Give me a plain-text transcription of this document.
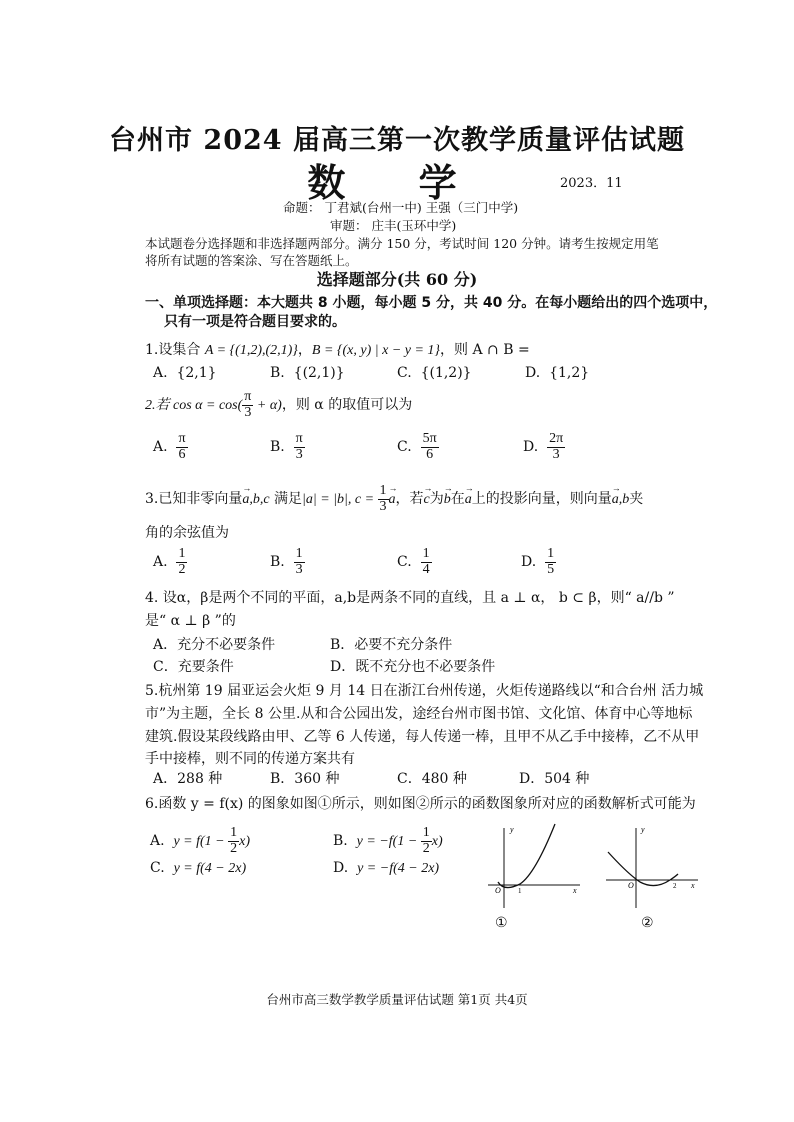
台州市 2024 届高三第一次教学质量评估试题
数 学	2023．11
命题： 丁君斌(台州一中) 王强（三门中学)
审题： 庄丰(玉环中学)
本试题卷分选择题和非选择题两部分。满分 150 分，考试时间 120 分钟。请考生按规定用笔
将所有试题的答案涂、写在答题纸上。
选择题部分(共 60 分)
一、单项选择题：本大题共 8 小题，每小题 5 分，共 40 分。在每小题给出的四个选项中，
只有一项是符合题目要求的。
1.设集合 A = {(1,2),(2,1)}，B = {(x, y) | x − y = 1}，则 A ∩ B =
A. {2,1}	B. {(2,1)}	C. {(1,2)}	D. {1,2}
2.若 $\cos \alpha = \cos( \frac{\pi}{3} + \alpha)$，则 α 的取值可以为
A. $\frac{\pi}{6}$	B. $\frac{\pi}{3}$	C. $\frac{5\pi}{6}$	D. $\frac{2\pi}{3}$
3.已知非零向量→ a,b,c 满足|a| = |b|, $c = \frac{1}{3}$
→ a，若→ c为→ b在→ a上的投影向量，则向量→ a,b夹
角的余弦值为
A. $\frac{1}{2}$	B. $\frac{1}{3}$	C. $\frac{1}{4}$	D. $\frac{1}{5}$
4. 设α，β是两个不同的平面，a,b是两条不同的直线，且 a ⊥ α， b ⊂ β，则“ a//b ”
是“ α ⊥ β ”的
A．充分不必要条件	B．必要不充分条件
C．充要条件	D．既不充分也不必要条件
5.杭州第 19 届亚运会火炬 9 月 14 日在浙江台州传递，火炬传递路线以“和合台州 活力城
市”为主题，全长 8 公里.从和合公园出发，途经台州市图书馆、文化馆、体育中心等地标
建筑.假设某段线路由甲、乙等 6 人传递，每人传递一棒，且甲不从乙手中接棒，乙不从甲
手中接棒，则不同的传递方案共有
A．288 种	B．360 种	C．480 种	D．504 种
6.函数 y = f(x) 的图象如图①所示，则如图②所示的函数图象所对应的函数解析式可能为
A. $y = f(1 - \frac{1}{2} x)$	B. $y = -f(1 - \frac{1}{2} x)$
C. y = f(4 − 2x)	D. y = −f(4 − 2x)
y
x
O 1
①
y
x
O	2
②
台州市高三数学教学质量评估试题 第1页 共4页
